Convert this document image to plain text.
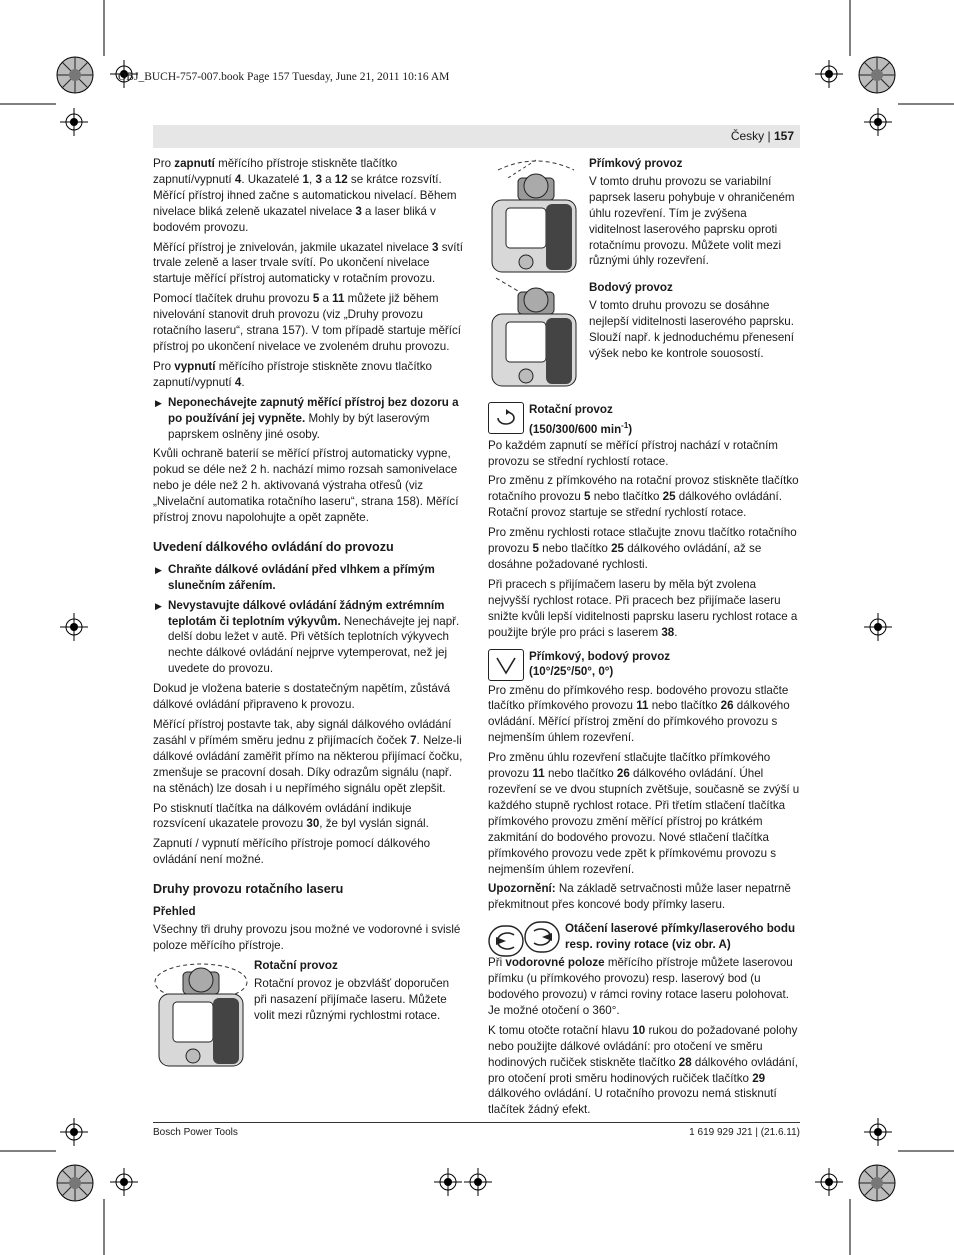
OBJ_BUCH-757-007.book Page 157 Tuesday, June 21, 2011 10:16 AM
Česky | 157

Pro zapnutí měřícího přístroje stiskněte tlačítko zapnutí/vypnutí 4. Ukazatelé 1, 3 a 12 se krátce rozsvítí. Měřící přístroj ihned začne s automatickou nivelací. Během nivelace bliká zeleně ukazatel nivelace 3 a laser bliká v bodovém provozu.

Měřící přístroj je znivelován, jakmile ukazatel nivelace 3 svítí trvale zeleně a laser trvale svítí. Po ukončení nivelace startuje měřící přístroj automaticky v rotačním provozu.

Pomocí tlačítek druhu provozu 5 a 11 můžete již během nivelování stanovit druh provozu (viz „Druhy provozu rotačního laseru“, strana 157). V tom případě startuje měřící přístroj po ukončení nivelace ve zvoleném druhu provozu.

Pro vypnutí měřícího přístroje stiskněte znovu tlačítko zapnutí/vypnutí 4.

▶ Neponechávejte zapnutý měřící přístroj bez dozoru a po používání jej vypněte. Mohly by být laserovým paprskem oslněny jiné osoby.

Kvůli ochraně baterií se měřící přístroj automaticky vypne, pokud se déle než 2 h. nachází mimo rozsah samonivelace nebo je déle než 2 h. aktivovaná výstraha otřesů (viz „Nivelační automatika rotačního laseru“, strana 158). Měřící přístroj znovu napolohujte a opět zapněte.

Uvedení dálkového ovládání do provozu
▶ Chraňte dálkové ovládání před vlhkem a přímým slunečním zářením.
▶ Nevystavujte dálkové ovládání žádným extrémním teplotám či teplotním výkyvům. Nenechávejte jej např. delší dobu ležet v autě. Při větších teplotních výkyvech nechte dálkové ovládání nejprve vytemperovat, než jej uvedete do provozu.

Dokud je vložena baterie s dostatečným napětím, zůstává dálkové ovládání připraveno k provozu.

Měřící přístroj postavte tak, aby signál dálkového ovládání zasáhl v přímém směru jednu z přijímacích čoček 7. Nelze-li dálkové ovládání zaměřit přímo na některou přijímací čočku, zmenšuje se pracovní dosah. Díky odrazům signálu (např. na stěnách) lze dosah i u nepřímého signálu opět zlepšit.

Po stisknutí tlačítka na dálkovém ovládání indikuje rozsvícení ukazatele provozu 30, že byl vyslán signál.

Zapnutí / vypnutí měřícího přístroje pomocí dálkového ovládání není možné.

Druhy provozu rotačního laseru
Přehled

Všechny tři druhy provozu jsou možné ve vodorovné i svislé poloze měřícího přístroje.

Rotační provoz

Rotační provoz je obzvlášť doporučen při nasazení přijímače laseru. Můžete volit mezi různými rychlostmi rotace.

Přímkový provoz

V tomto druhu provozu se variabilní paprsek laseru pohybuje v ohraničeném úhlu rozevření. Tím je zvýšena viditelnost laserového paprsku oproti rotačnímu provozu. Můžete volit mezi různými úhly rozevření.

Bodový provoz

V tomto druhu provozu se dosáhne nejlepší viditelnosti laserového paprsku. Slouží např. k jednoduchému přenesení výšek nebo ke kontrole souosostí.

Rotační provoz
(150/300/600 $\min^{-1}$)

Po každém zapnutí se měřící přístroj nachází v rotačním provozu se střední rychlostí rotace.

Pro změnu z přímkového na rotační provoz stiskněte tlačítko rotačního provozu 5 nebo tlačítko 25 dálkového ovládání. Rotační provoz startuje se střední rychlostí rotace.

Pro změnu rychlosti rotace stlačujte znovu tlačítko rotačního provozu 5 nebo tlačítko 25 dálkového ovládání, až se dosáhne požadované rychlosti.

Při pracech s přijímačem laseru by měla být zvolena nejvyšší rychlost rotace. Při pracech bez přijímače laseru snižte kvůli lepší viditelnosti paprsku laseru rychlost rotace a použijte brýle pro práci s laserem 38.

Přímkový, bodový provoz
(10°/25°/50°, 0°)

Pro změnu do přímkového resp. bodového provozu stlačte tlačítko přímkového provozu 11 nebo tlačítko 26 dálkového ovládání. Měřící přístroj změní do přímkového provozu s nejmenším úhlem rozevření.

Pro změnu úhlu rozevření stlačujte tlačítko přímkového provozu 11 nebo tlačítko 26 dálkového ovládání. Úhel rozevření se ve dvou stupních zvětšuje, současně se zvýší u každého stupně rychlost rotace. Při třetím stlačení tlačítka přímkového provozu změní měřící přístroj po krátkém zakmitání do bodového provozu. Nové stlačení tlačítka přímkového provozu vede zpět k přímkovému provozu s nejmenším úhlem rozevření.

Upozornění: Na základě setrvačnosti může laser nepatrně překmitnout přes koncové body přímky laseru.

Otáčení laserové přímky/laserového bodu
resp. roviny rotace (viz obr. A)

Při vodorovné poloze měřícího přístroje můžete laserovou přímku (u přímkového provozu) resp. laserový bod (u bodového provozu) v rámci roviny rotace laseru polohovat. Je možné otočení o 360°.

K tomu otočte rotační hlavu 10 rukou do požadované polohy nebo použijte dálkové ovládání: pro otočení ve směru hodinových ručiček stiskněte tlačítko 28 dálkového ovládání, pro otočení proti směru hodinových ručiček tlačítko 29 dálkového ovládání. U rotačního provozu nemá stisknutí tlačítek žádný efekt.

Bosch Power Tools	1 619 929 J21 | (21.6.11)
